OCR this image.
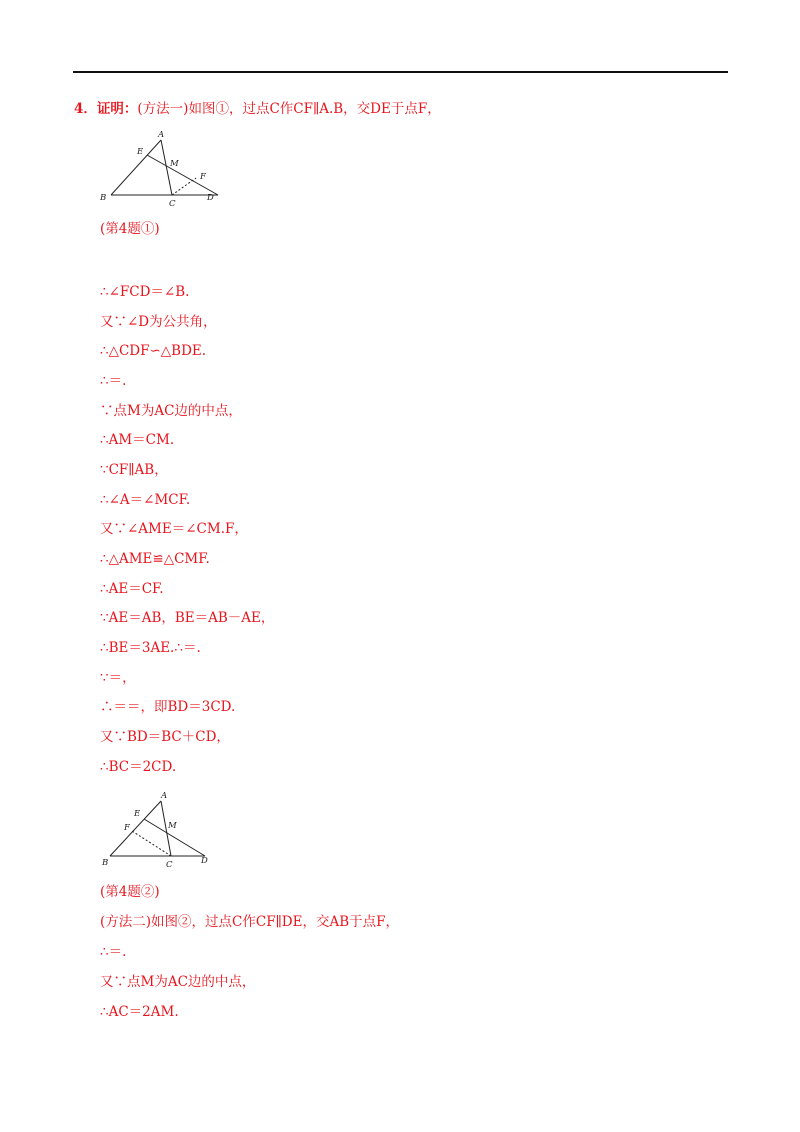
4．证明：(方法一)如图①，过点C作CF∥A.B，交DE于点F，
A
E
M
F
B
C
D
(第4题①)
∴∠FCD＝∠B.
又∵∠D为公共角，
∴△CDF∽△BDE.
∴＝.
∵点M为AC边的中点，
∴AM＝CM.
∵CF∥AB，
∴∠A＝∠MCF.
又∵∠AME＝∠CM.F，
∴△AME≌△CMF.
∴AE＝CF.
∵AE＝AB，BE＝AB－AE，
∴BE＝3AE.∴＝.
∵＝，
∴＝＝，即BD＝3CD.
又∵BD＝BC＋CD，
∴BC＝2CD.
A
E
F	M
B	C	D
(第4题②)
(方法二)如图②，过点C作CF∥DE，交AB于点F，
∴＝.
又∵点M为AC边的中点，
∴AC＝2AM.
